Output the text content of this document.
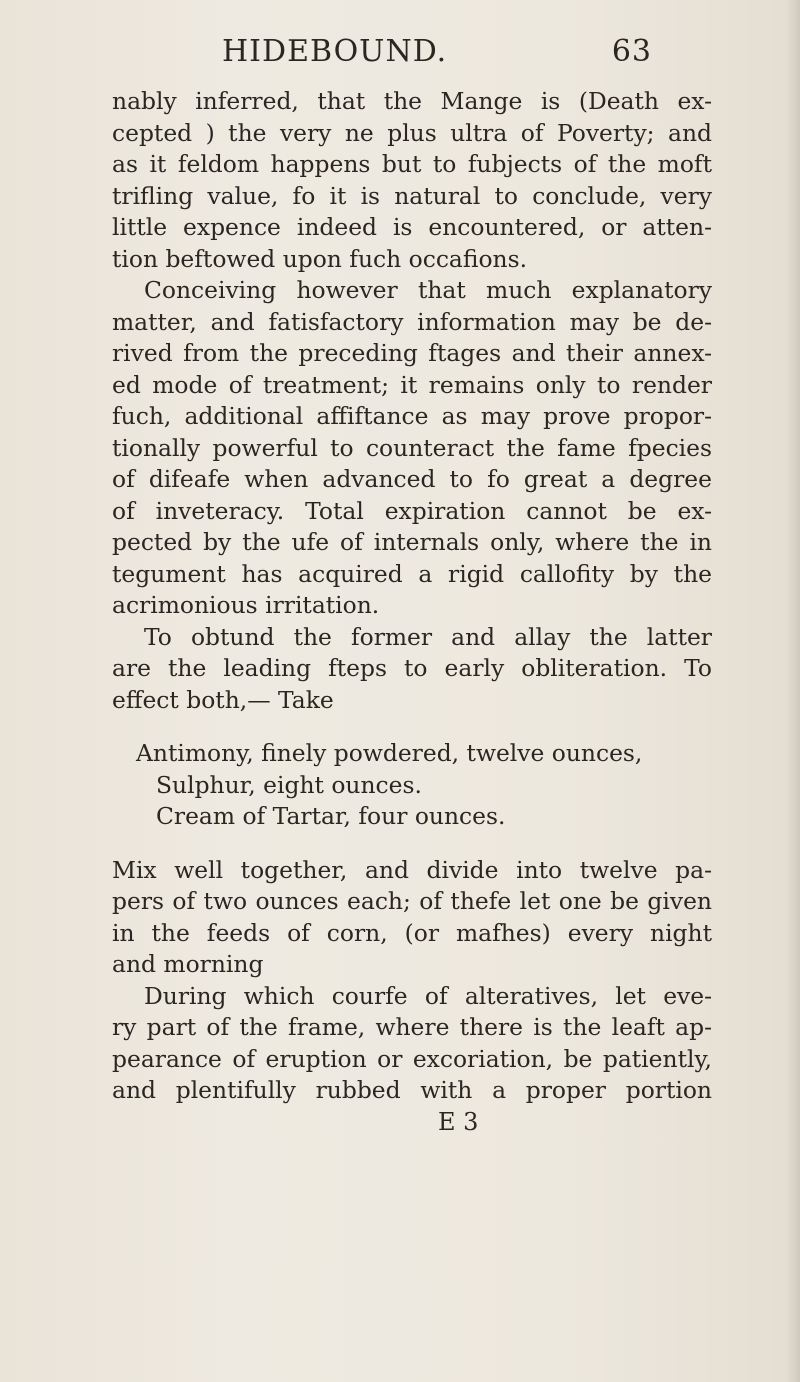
HIDEBOUND.	63
nably inferred, that the Mange is (Death ex-
cepted ) the very ne plus ultra of Poverty; and
as it feldom happens but to fubjects of the moft
trifling value, fo it is natural to conclude, very
little expence indeed is encountered, or atten-
tion beftowed upon fuch occafions.
Conceiving however that much explanatory
matter, and fatisfactory information may be de-
rived from the preceding ftages and their annex-
ed mode of treatment; it remains only to render
fuch, additional affiftance as may prove propor-
tionally powerful to counteract the fame fpecies
of difeafe when advanced to fo great a degree
of inveteracy. Total expiration cannot be ex-
pected by the ufe of internals only, where the in
tegument has acquired a rigid callofity by the
acrimonious irritation.
To obtund the former and allay the latter
are the leading fteps to early obliteration. To
effect both,— Take
Antimony, finely powdered, twelve ounces,
Sulphur, eight ounces.
Cream of Tartar, four ounces.
Mix well together, and divide into twelve pa-
pers of two ounces each; of thefe let one be given
in the feeds of corn, (or mafhes) every night
and morning
During which courfe of alteratives, let eve-
ry part of the frame, where there is the leaft ap-
pearance of eruption or excoriation, be patiently,
and plentifully rubbed with a proper portion
E 3
